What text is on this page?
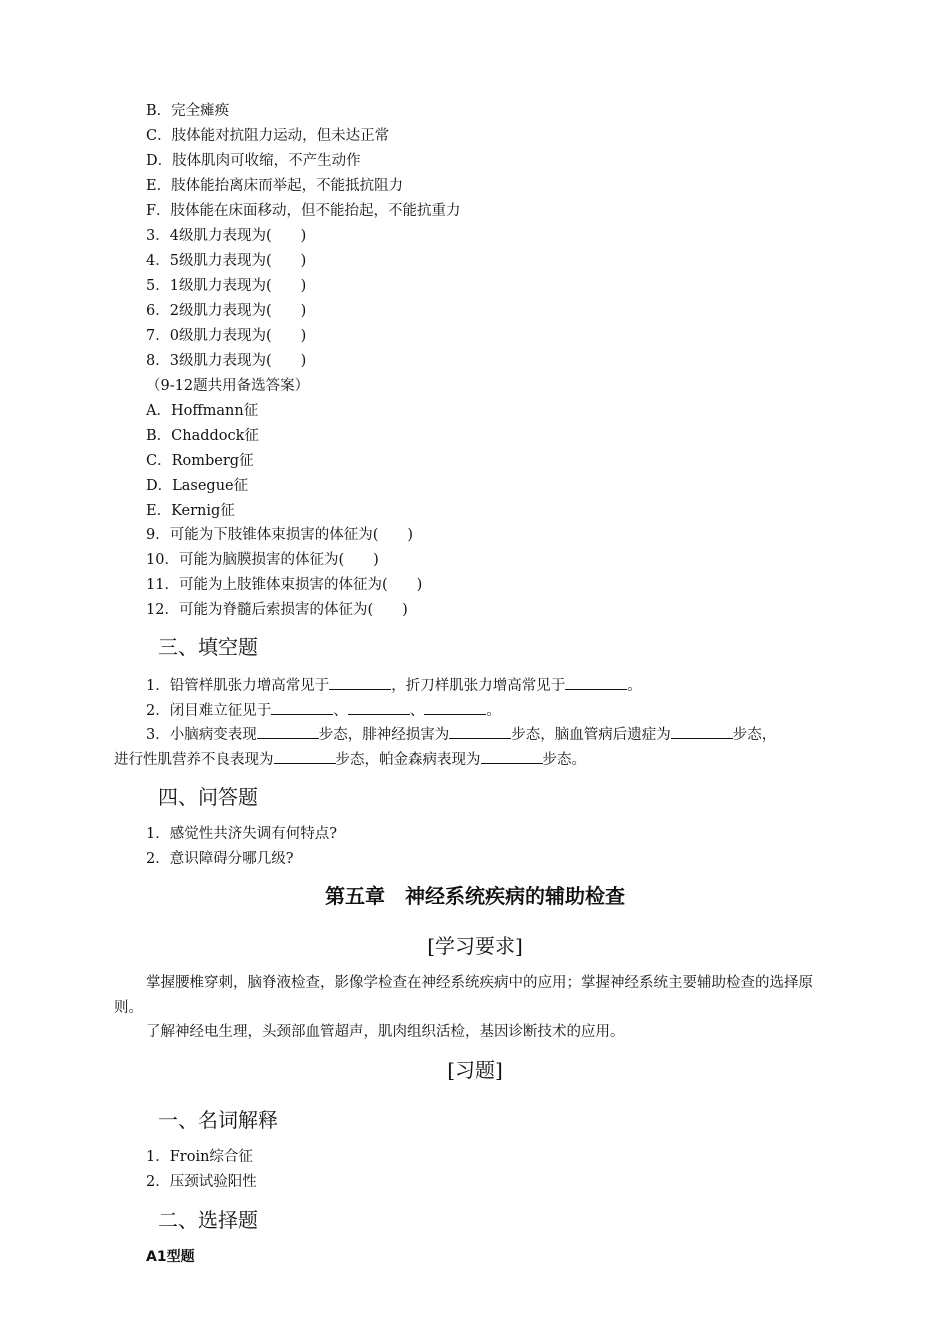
B．完全瘫痪
C．肢体能对抗阻力运动，但未达正常
D．肢体肌肉可收缩，不产生动作
E．肢体能抬离床而举起，不能抵抗阻力
F．肢体能在床面移动，但不能抬起，不能抗重力
3．4级肌力表现为(　　)
4．5级肌力表现为(　　)
5．1级肌力表现为(　　)
6．2级肌力表现为(　　)
7．0级肌力表现为(　　)
8．3级肌力表现为(　　)
（9-12题共用备选答案）
A．Hoffmann征
B．Chaddock征
C．Romberg征
D．Lasegue征
E．Kernig征
9．可能为下肢锥体束损害的体征为(　　)
10．可能为脑膜损害的体征为(　　)
11．可能为上肢锥体束损害的体征为(　　)
12．可能为脊髓后索损害的体征为(　　)
三、填空题
1．铅管样肌张力增高常见于	，折刀样肌张力增高常见于	。
2．闭目难立征见于	、	、	。
3．小脑病变表现	步态，腓神经损害为	步态，脑血管病后遗症为	步态，
进行性肌营养不良表现为	步态，帕金森病表现为	步态。
四、问答题
1．感觉性共济失调有何特点?
2．意识障碍分哪几级?
第五章　神经系统疾病的辅助检查
[学习要求]
掌握腰椎穿刺，脑脊液检查，影像学检查在神经系统疾病中的应用；掌握神经系统主要辅助检查的选择原则。
了解神经电生理，头颈部血管超声，肌肉组织活检，基因诊断技术的应用。
[习题]
一、名词解释
1．Froin综合征
2．压颈试验阳性
二、选择题
A1型题
